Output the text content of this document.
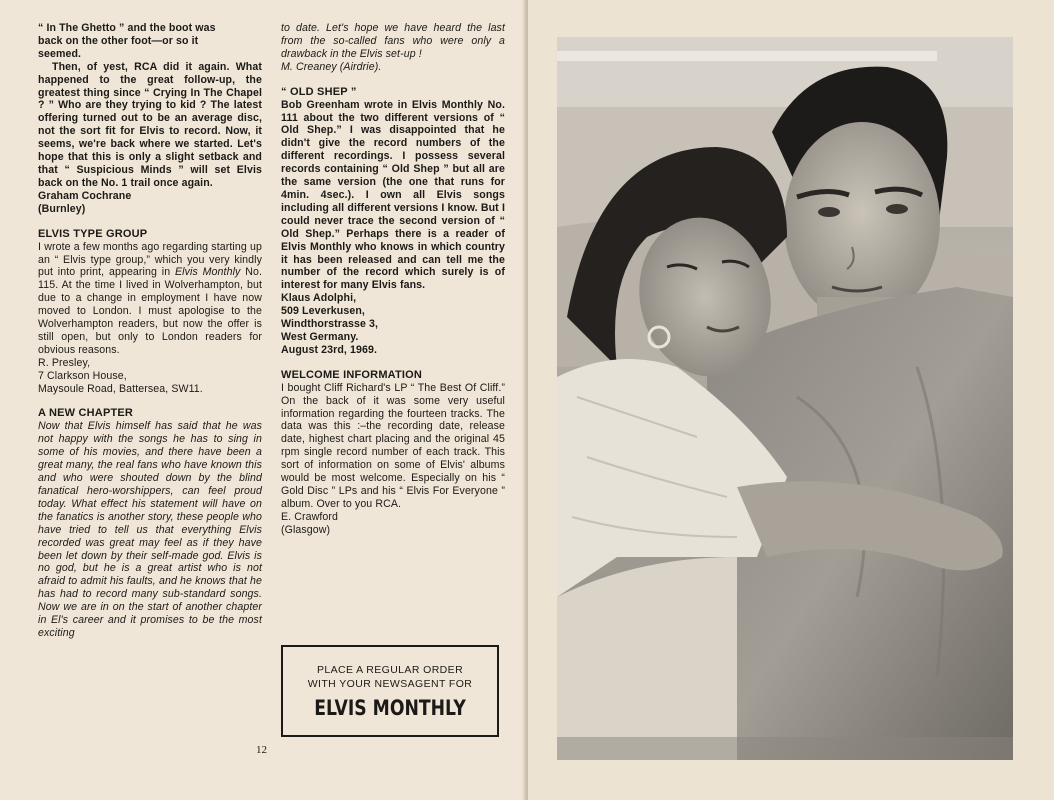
“ In The Ghetto ” and the boot was
back on the other foot—or so it
seemed.

Then, of yest, RCA did it again. What happened to the great follow-up, the greatest thing since “ Crying In The Chapel ? ” Who are they trying to kid ? The latest offering turned out to be an average disc, not the sort fit for Elvis to record. Now, it seems, we're back where we started. Let's hope that this is only a slight setback and that “ Suspicious Minds ” will set Elvis back on the No. 1 trail once again.

Graham Cochrane
(Burnley)

ELVIS TYPE GROUP

I wrote a few months ago regarding starting up an “ Elvis type group,” which you very kindly put into print, appearing in Elvis Monthly No. 115. At the time I lived in Wolverhampton, but due to a change in employment I have now moved to London. I must apologise to the Wolverhampton readers, but now the offer is still open, but only to London readers for obvious reasons.

R. Presley,
7 Clarkson House,
Maysoule Road, Battersea, SW11.

A NEW CHAPTER

Now that Elvis himself has said that he was not happy with the songs he has to sing in some of his movies, and there have been a great many, the real fans who have known this and who were shouted down by the blind fanatical hero-worshippers, can feel proud today. What effect his statement will have on the fanatics is another story, these people who have tried to tell us that everything Elvis recorded was great may feel as if they have been let down by their self-made god. Elvis is no god, but he is a great artist who is not afraid to admit his faults, and he knows that he has had to record many sub-standard songs. Now we are in on the start of another chapter in El's career and it promises to be the most exciting

to date. Let's hope we have heard the last from the so-called fans who were only a drawback in the Elvis set-up !

M. Creaney (Airdrie).

“ OLD SHEP ”

Bob Greenham wrote in Elvis Monthly No. 111 about the two different versions of “ Old Shep.” I was disappointed that he didn't give the record numbers of the different recordings. I possess several records containing “ Old Shep ” but all are the same version (the one that runs for 4min. 4sec.). I own all Elvis songs including all different versions I know. But I could never trace the second version of “ Old Shep.” Perhaps there is a reader of Elvis Monthly who knows in which country it has been released and can tell me the number of the record which surely is of interest for many Elvis fans.

Klaus Adolphi,
509 Leverkusen,
Windthorstrasse 3,
West Germany.
August 23rd, 1969.

WELCOME INFORMATION

I bought Cliff Richard's LP “ The Best Of Cliff.” On the back of it was some very useful information regarding the fourteen tracks. The data was this :–the recording date, release date, highest chart placing and the original 45 rpm single record number of each track. This sort of information on some of Elvis' albums would be most welcome. Especially on his “ Gold Disc ” LPs and his “ Elvis For Everyone ” album. Over to you RCA.

E. Crawford
(Glasgow)

PLACE A REGULAR ORDER
WITH YOUR NEWSAGENT FOR
ELVIS MONTHLY
12
